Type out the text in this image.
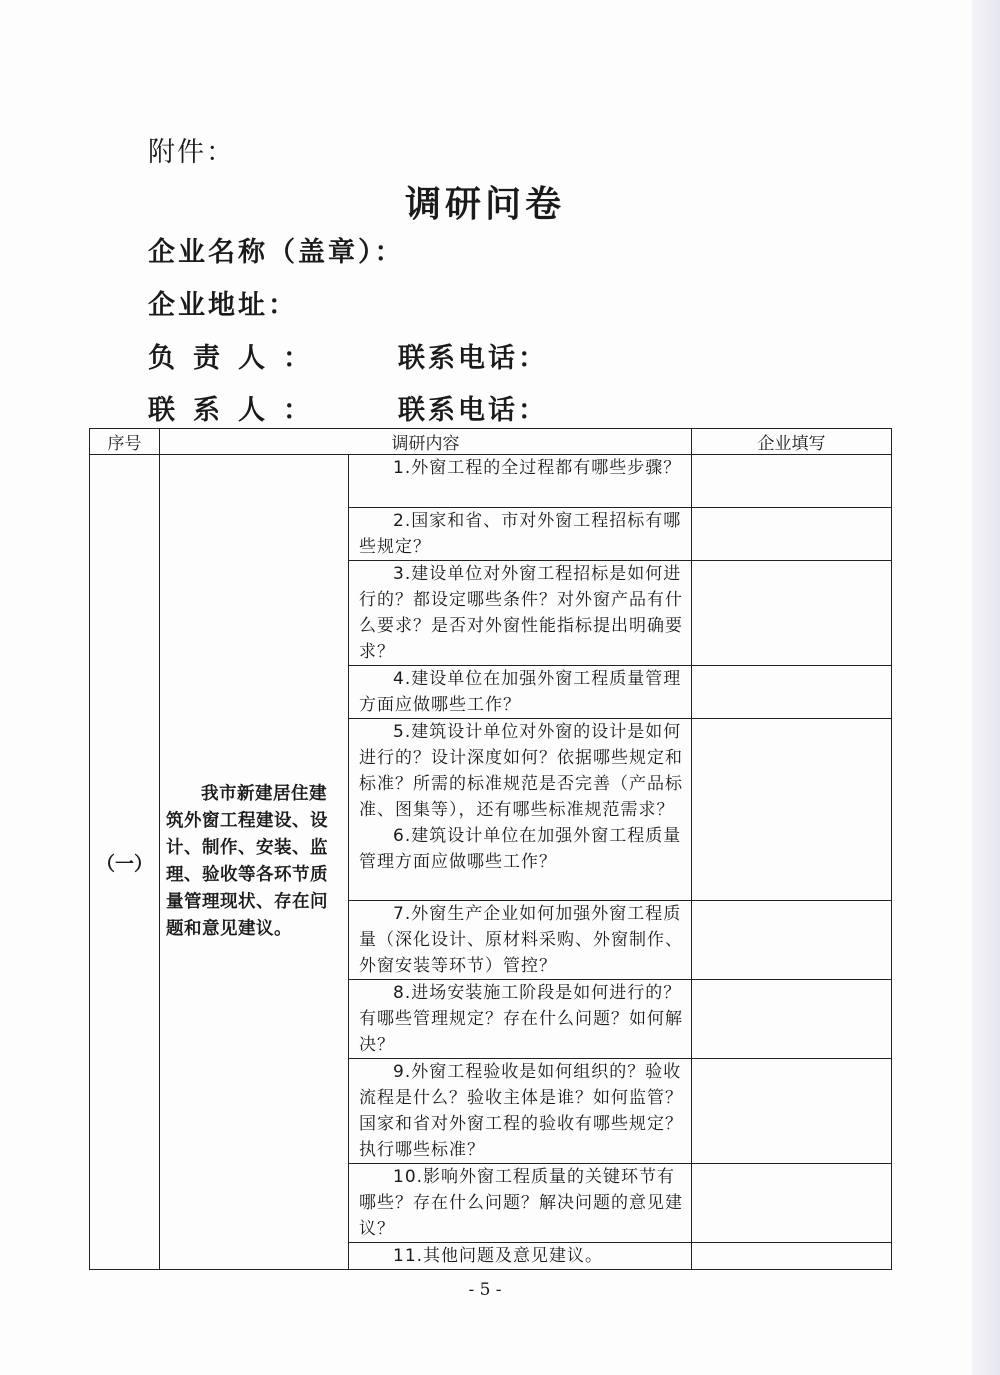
附件：
调研问卷
企业名称（盖章）：
企业地址：
负责人：	联系电话：
联系人：	联系电话：
序号	调研内容		企业填写
（一）	我市新建居住建筑外窗工程建设、设计、制作、安装、监理、验收等各环节质量管理现状、存在问题和意见建议。	1.外窗工程的全过程都有哪些步骤？	

		2.国家和省、市对外窗工程招标有哪些规定？	

		3.建设单位对外窗工程招标是如何进行的？都设定哪些条件？对外窗产品有什么要求？是否对外窗性能指标提出明确要求？	

		4.建设单位在加强外窗工程质量管理方面应做哪些工作？	

		5.建筑设计单位对外窗的设计是如何进行的？设计深度如何？依据哪些规定和标准？所需的标准规范是否完善（产品标准、图集等），还有哪些标准规范需求？

6.建筑设计单位在加强外窗工程质量管理方面应做哪些工作？	

		7.外窗生产企业如何加强外窗工程质量（深化设计、原材料采购、外窗制作、外窗安装等环节）管控？	

		8.进场安装施工阶段是如何进行的？有哪些管理规定？存在什么问题？如何解决？	

		9.外窗工程验收是如何组织的？验收流程是什么？验收主体是谁？如何监管？国家和省对外窗工程的验收有哪些规定？执行哪些标准？	

		10.影响外窗工程质量的关键环节有哪些？存在什么问题？解决问题的意见建议？	

		11.其他问题及意见建议。	

- 5 -
